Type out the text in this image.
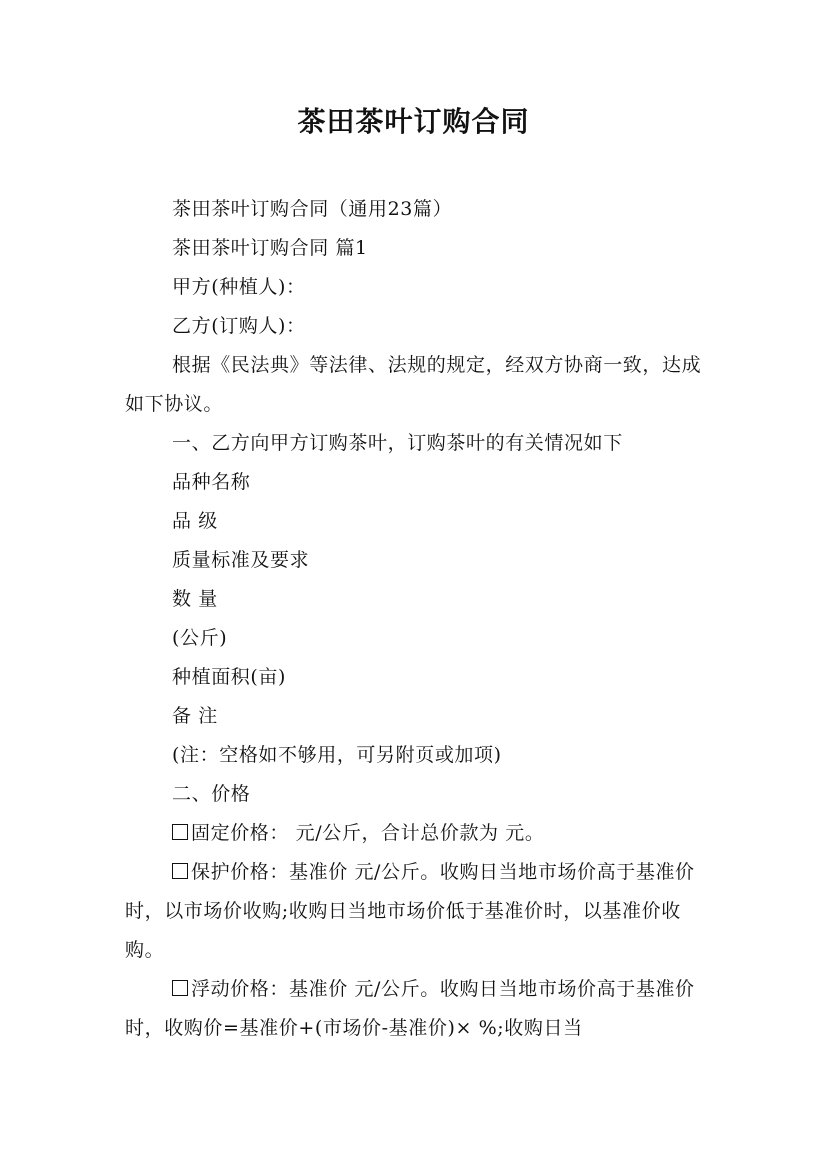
茶田茶叶订购合同

茶田茶叶订购合同（通用23篇）

茶田茶叶订购合同 篇1

甲方(种植人)：

乙方(订购人)：

根据《民法典》等法律、法规的规定，经双方协商一致，达成如下协议。

一、乙方向甲方订购茶叶，订购茶叶的有关情况如下

品种名称

品 级

质量标准及要求

数 量

(公斤)

种植面积(亩)

备 注

(注：空格如不够用，可另附页或加项)

二、价格

固定价格： 元/公斤，合计总价款为 元。

保护价格：基准价 元/公斤。收购日当地市场价高于基准价时，以市场价收购;收购日当地市场价低于基准价时，以基准价收购。

浮动价格：基准价 元/公斤。收购日当地市场价高于基准价时，收购价=基准价+(市场价-基准价)× %;收购日当
